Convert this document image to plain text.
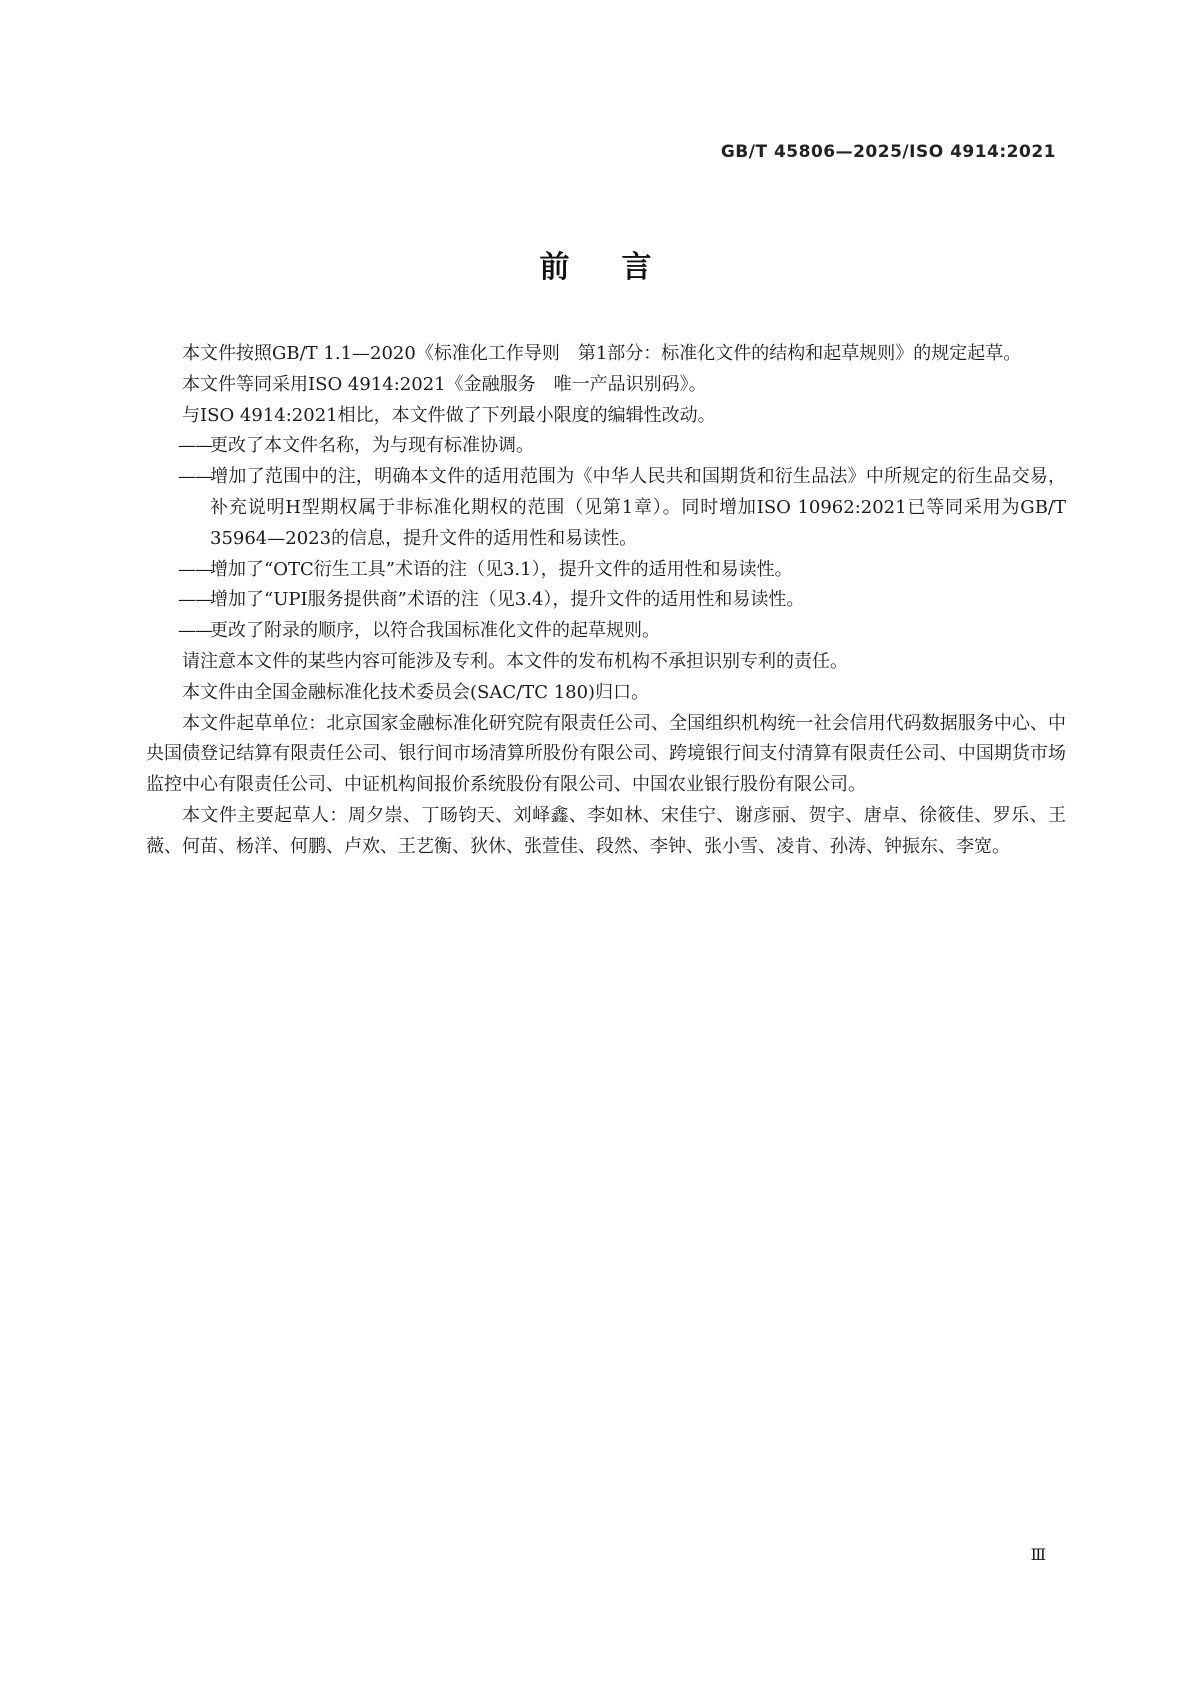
GB/T 45806—2025/ISO 4914:2021
前言

本文件按照GB/T 1.1—2020《标准化工作导则　第1部分：标准化文件的结构和起草规则》的规定起草。

本文件等同采用ISO 4914:2021《金融服务　唯一产品识别码》。

与ISO 4914:2021相比，本文件做了下列最小限度的编辑性改动。

——更改了本文件名称，为与现有标准协调。

——增加了范围中的注，明确本文件的适用范围为《中华人民共和国期货和衍生品法》中所规定的衍生品交易，补充说明H型期权属于非标准化期权的范围（见第1章）。同时增加ISO 10962:2021已等同采用为GB/T 35964—2023的信息，提升文件的适用性和易读性。

——增加了“OTC衍生工具”术语的注（见3.1），提升文件的适用性和易读性。

——增加了“UPI服务提供商”术语的注（见3.4），提升文件的适用性和易读性。

——更改了附录的顺序，以符合我国标准化文件的起草规则。

请注意本文件的某些内容可能涉及专利。本文件的发布机构不承担识别专利的责任。

本文件由全国金融标准化技术委员会(SAC/TC 180)归口。

本文件起草单位：北京国家金融标准化研究院有限责任公司、全国组织机构统一社会信用代码数据服务中心、中央国债登记结算有限责任公司、银行间市场清算所股份有限公司、跨境银行间支付清算有限责任公司、中国期货市场监控中心有限责任公司、中证机构间报价系统股份有限公司、中国农业银行股份有限公司。

本文件主要起草人：周夕崇、丁旸钧天、刘峄鑫、李如林、宋佳宁、谢彦丽、贺宇、唐卓、徐筱佳、罗乐、王薇、何苗、杨洋、何鹏、卢欢、王艺衡、狄休、张萱佳、段然、李钟、张小雪、凌肯、孙涛、钟振东、李宽。

Ⅲ
